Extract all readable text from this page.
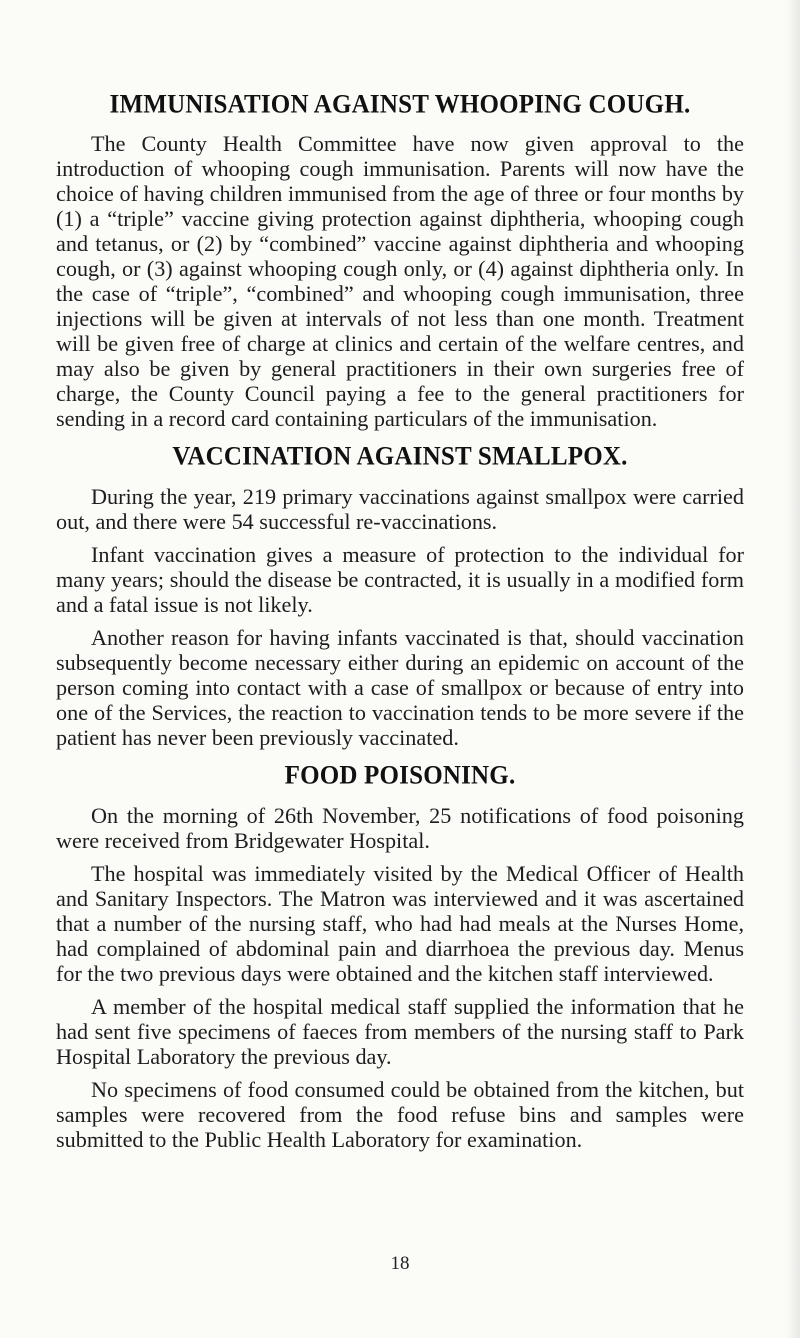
IMMUNISATION AGAINST WHOOPING COUGH.

The County Health Committee have now given approval to the introduction of whooping cough immunisation. Parents will now have the choice of having children immunised from the age of three or four months by (1) a “triple” vaccine giving protection against diphtheria, whooping cough and tetanus, or (2) by “combined” vaccine against diphtheria and whooping cough, or (3) against whooping cough only, or (4) against diphtheria only. In the case of “triple”, “combined” and whooping cough immunisation, three injections will be given at intervals of not less than one month. Treatment will be given free of charge at clinics and certain of the welfare centres, and may also be given by general practitioners in their own surgeries free of charge, the County Council paying a fee to the general practitioners for sending in a record card containing particulars of the immunisation.

VACCINATION AGAINST SMALLPOX.

During the year, 219 primary vaccinations against smallpox were carried out, and there were 54 successful re-vaccinations.

Infant vaccination gives a measure of protection to the individual for many years; should the disease be contracted, it is usually in a modified form and a fatal issue is not likely.

Another reason for having infants vaccinated is that, should vaccination subsequently become necessary either during an epidemic on account of the person coming into contact with a case of smallpox or because of entry into one of the Services, the reaction to vaccination tends to be more severe if the patient has never been previously vaccinated.

FOOD POISONING.

On the morning of 26th November, 25 notifications of food poisoning were received from Bridgewater Hospital.

The hospital was immediately visited by the Medical Officer of Health and Sanitary Inspectors. The Matron was interviewed and it was ascertained that a number of the nursing staff, who had had meals at the Nurses Home, had complained of abdominal pain and diarrhoea the previous day. Menus for the two previous days were obtained and the kitchen staff interviewed.

A member of the hospital medical staff supplied the information that he had sent five specimens of faeces from members of the nursing staff to Park Hospital Laboratory the previous day.

No specimens of food consumed could be obtained from the kitchen, but samples were recovered from the food refuse bins and samples were submitted to the Public Health Laboratory for examination.

18
